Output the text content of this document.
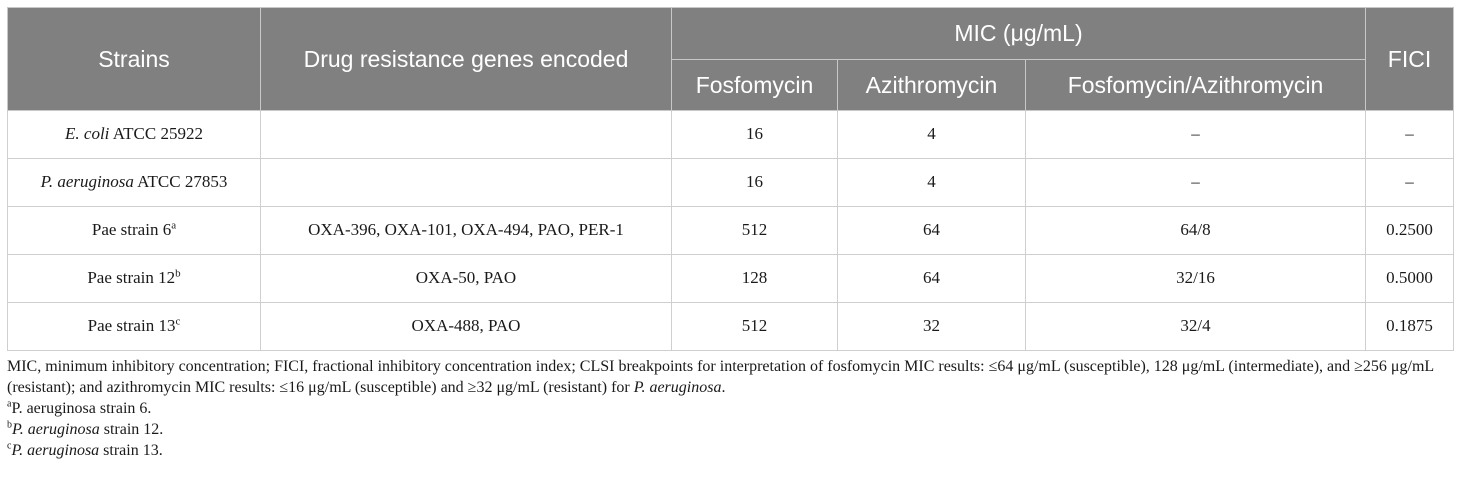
Strains	Drug resistance genes encoded	MIC (μg/mL)			FICI
		Fosfomycin	Azithromycin	Fosfomycin/Azithromycin	
E. coli ATCC 25922		16	4	–	–
P. aeruginosa ATCC 27853		16	4	–	–
Pae strain 6$^a$	OXA-396, OXA-101, OXA-494, PAO, PER-1	512	64	64/8	0.2500
Pae strain 12$^b$	OXA-50, PAO	128	64	32/16	0.5000
Pae strain 13$^c$	OXA-488, PAO	512	32	32/4	0.1875

MIC, minimum inhibitory concentration; FICI, fractional inhibitory concentration index; CLSI breakpoints for interpretation of fosfomycin MIC results: ≤64 μg/mL (susceptible), 128 μg/mL (intermediate), and ≥256 μg/mL (resistant); and azithromycin MIC results: ≤16 μg/mL (susceptible) and ≥32 μg/mL (resistant) for P. aeruginosa.

$^a$P. aeruginosa strain 6.

$^b$P. aeruginosa strain 12.

$^c$P. aeruginosa strain 13.
